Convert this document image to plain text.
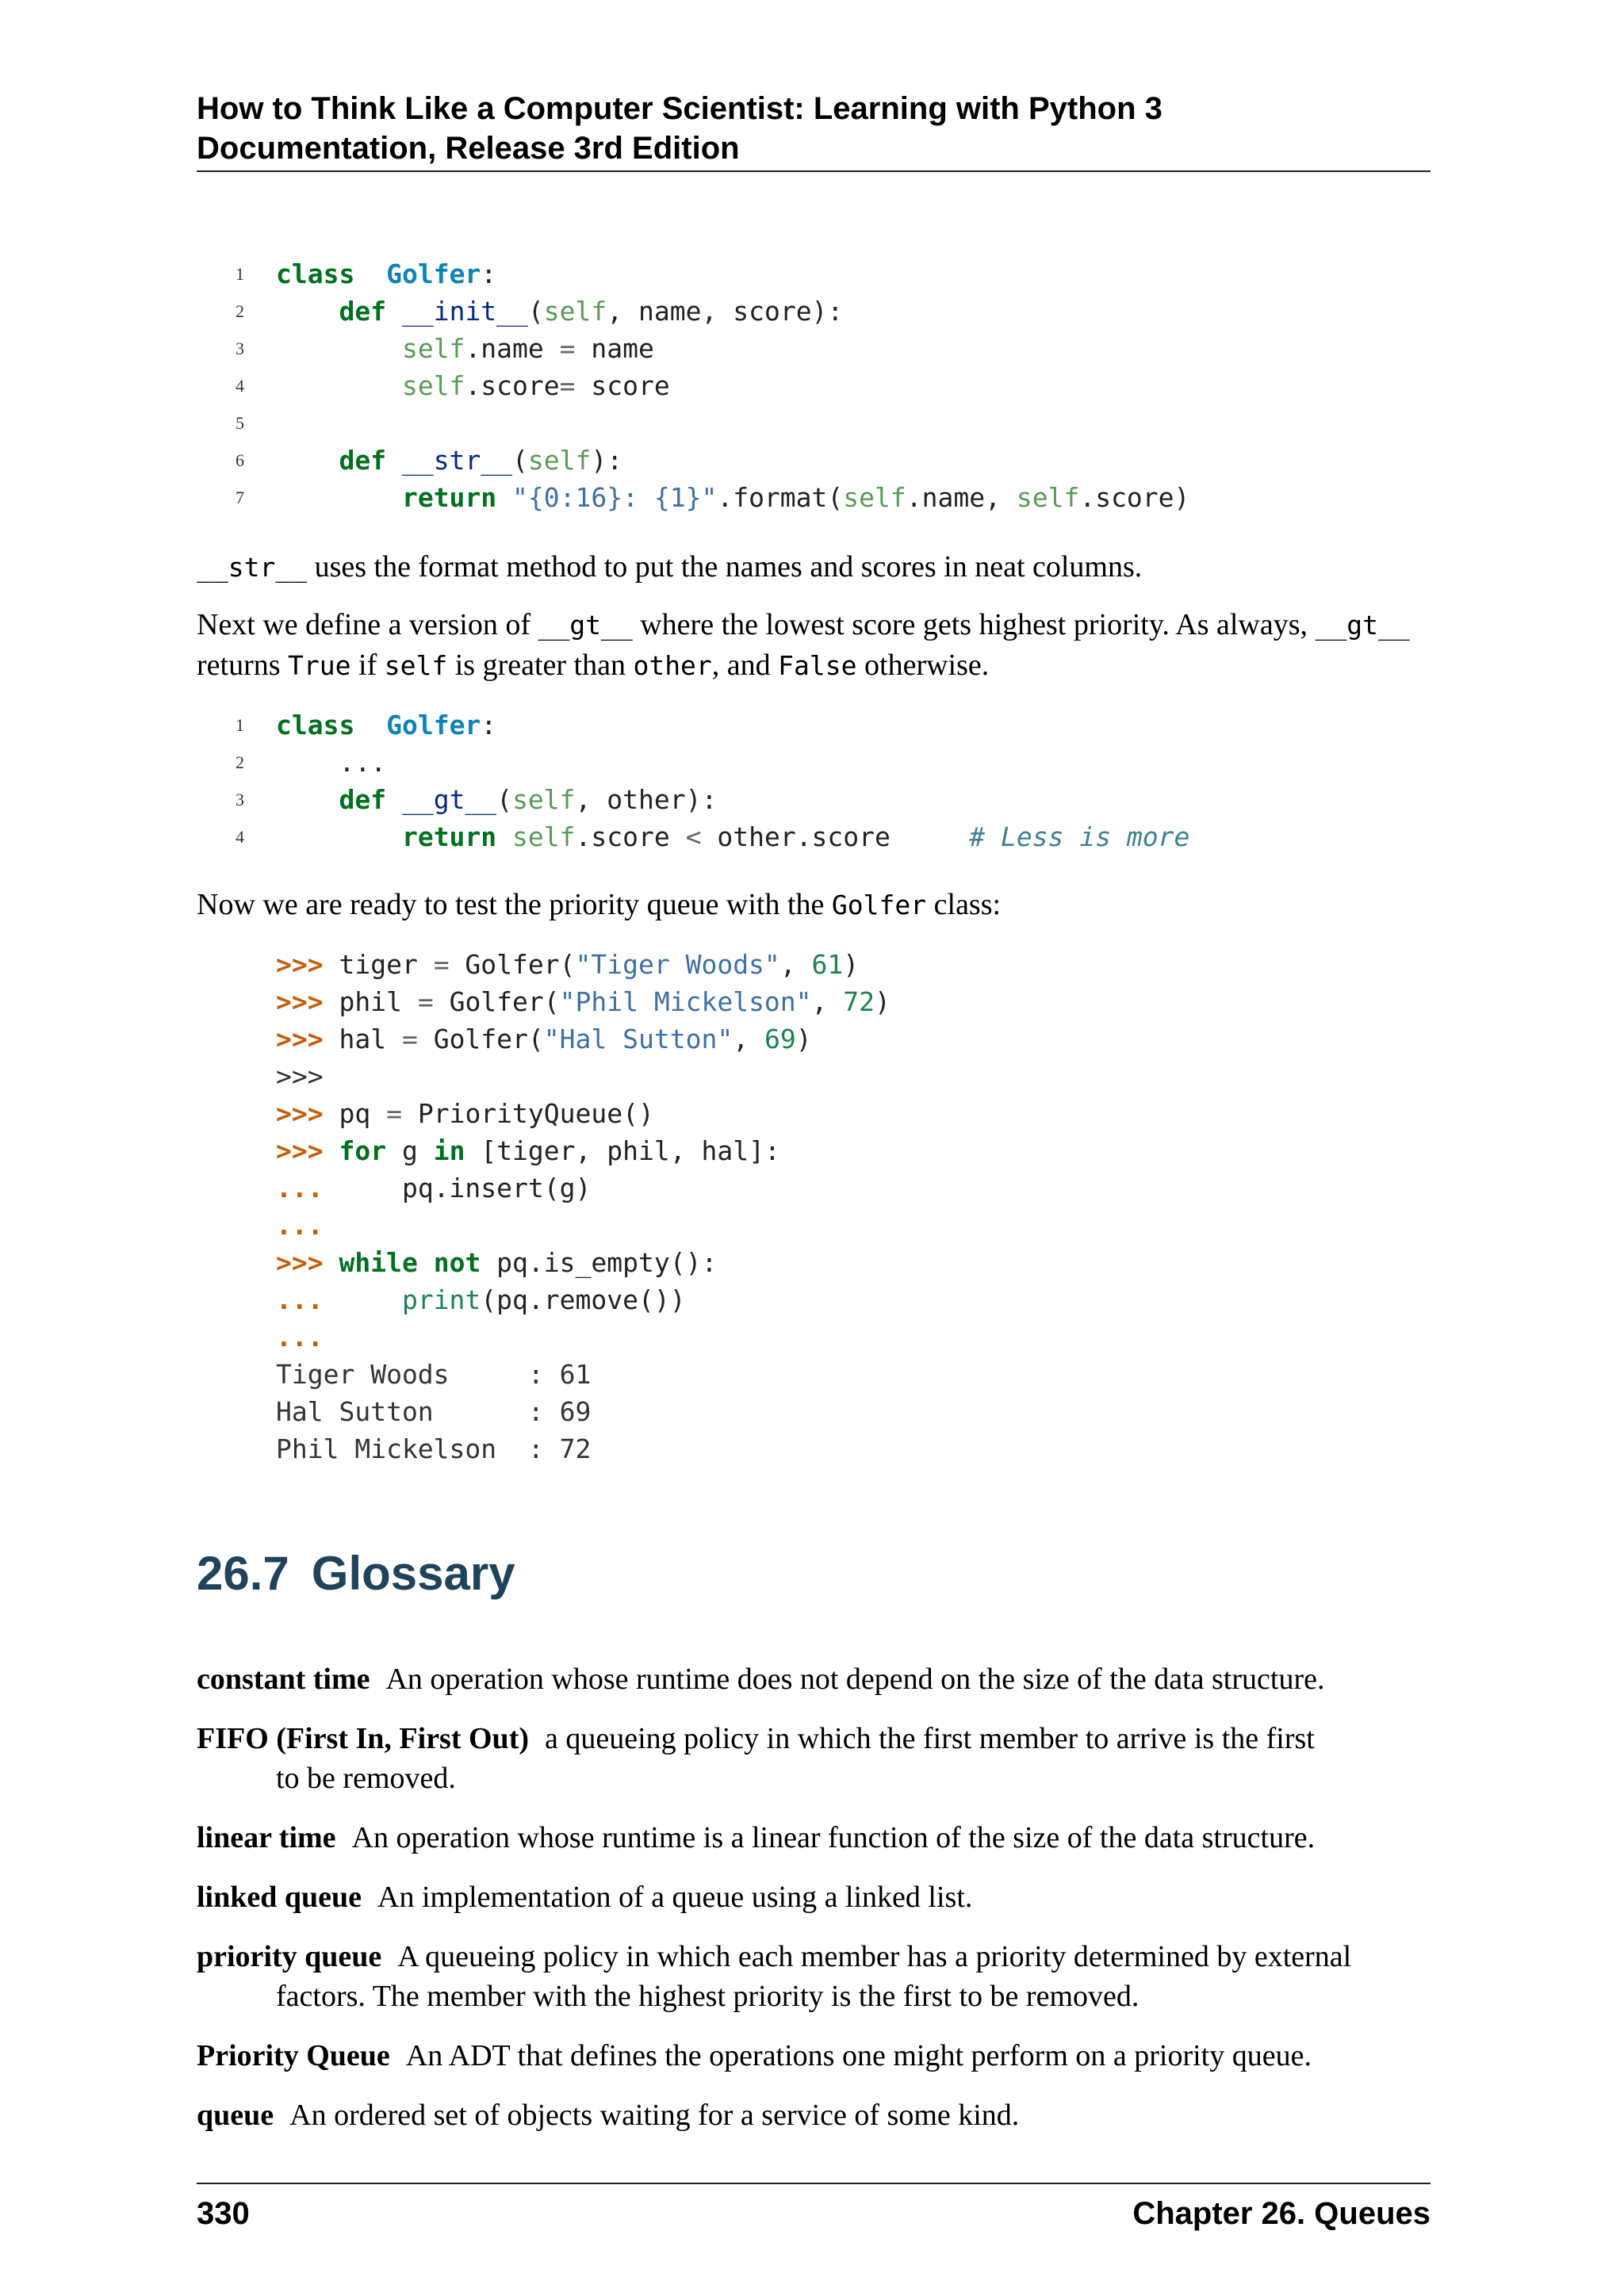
How to Think Like a Computer Scientist: Learning with Python 3
Documentation, Release 3rd Edition
1 class Golfer:
2	def __init__(self, name, score):
3	self.name = name
4	self.score= score
5
6	def __str__(self):
7	return "{0:16}: {1}".format(self.name, self.score)
__str__ uses the format method to put the names and scores in neat columns.
Next we define a version of __gt__ where the lowest score gets highest priority. As always, __gt__ returns True if self is greater than other, and False otherwise.
1 class Golfer:
2 ...
3	def __gt__(self, other):
4	return self.score < other.score     # Less is more
Now we are ready to test the priority queue with the Golfer class:
>>> tiger = Golfer("Tiger Woods", 61)
>>> phil = Golfer("Phil Mickelson", 72)
>>> hal = Golfer("Hal Sutton", 69)
>>>
>>> pq = PriorityQueue()
>>> for g in [tiger, phil, hal]:
...     pq.insert(g)
...
>>> while not pq.is_empty():
...	print(pq.remove())
...
Tiger Woods     : 61
Hal Sutton      : 69
Phil Mickelson  : 72
26.7 Glossary
constant time An operation whose runtime does not depend on the size of the data structure.
FIFO (First In, First Out) a queueing policy in which the first member to arrive is the first
to be removed.
linear time An operation whose runtime is a linear function of the size of the data structure.
linked queue An implementation of a queue using a linked list.
priority queue A queueing policy in which each member has a priority determined by external
factors. The member with the highest priority is the first to be removed.
Priority Queue An ADT that defines the operations one might perform on a priority queue.
queue An ordered set of objects waiting for a service of some kind.
330	Chapter 26. Queues
